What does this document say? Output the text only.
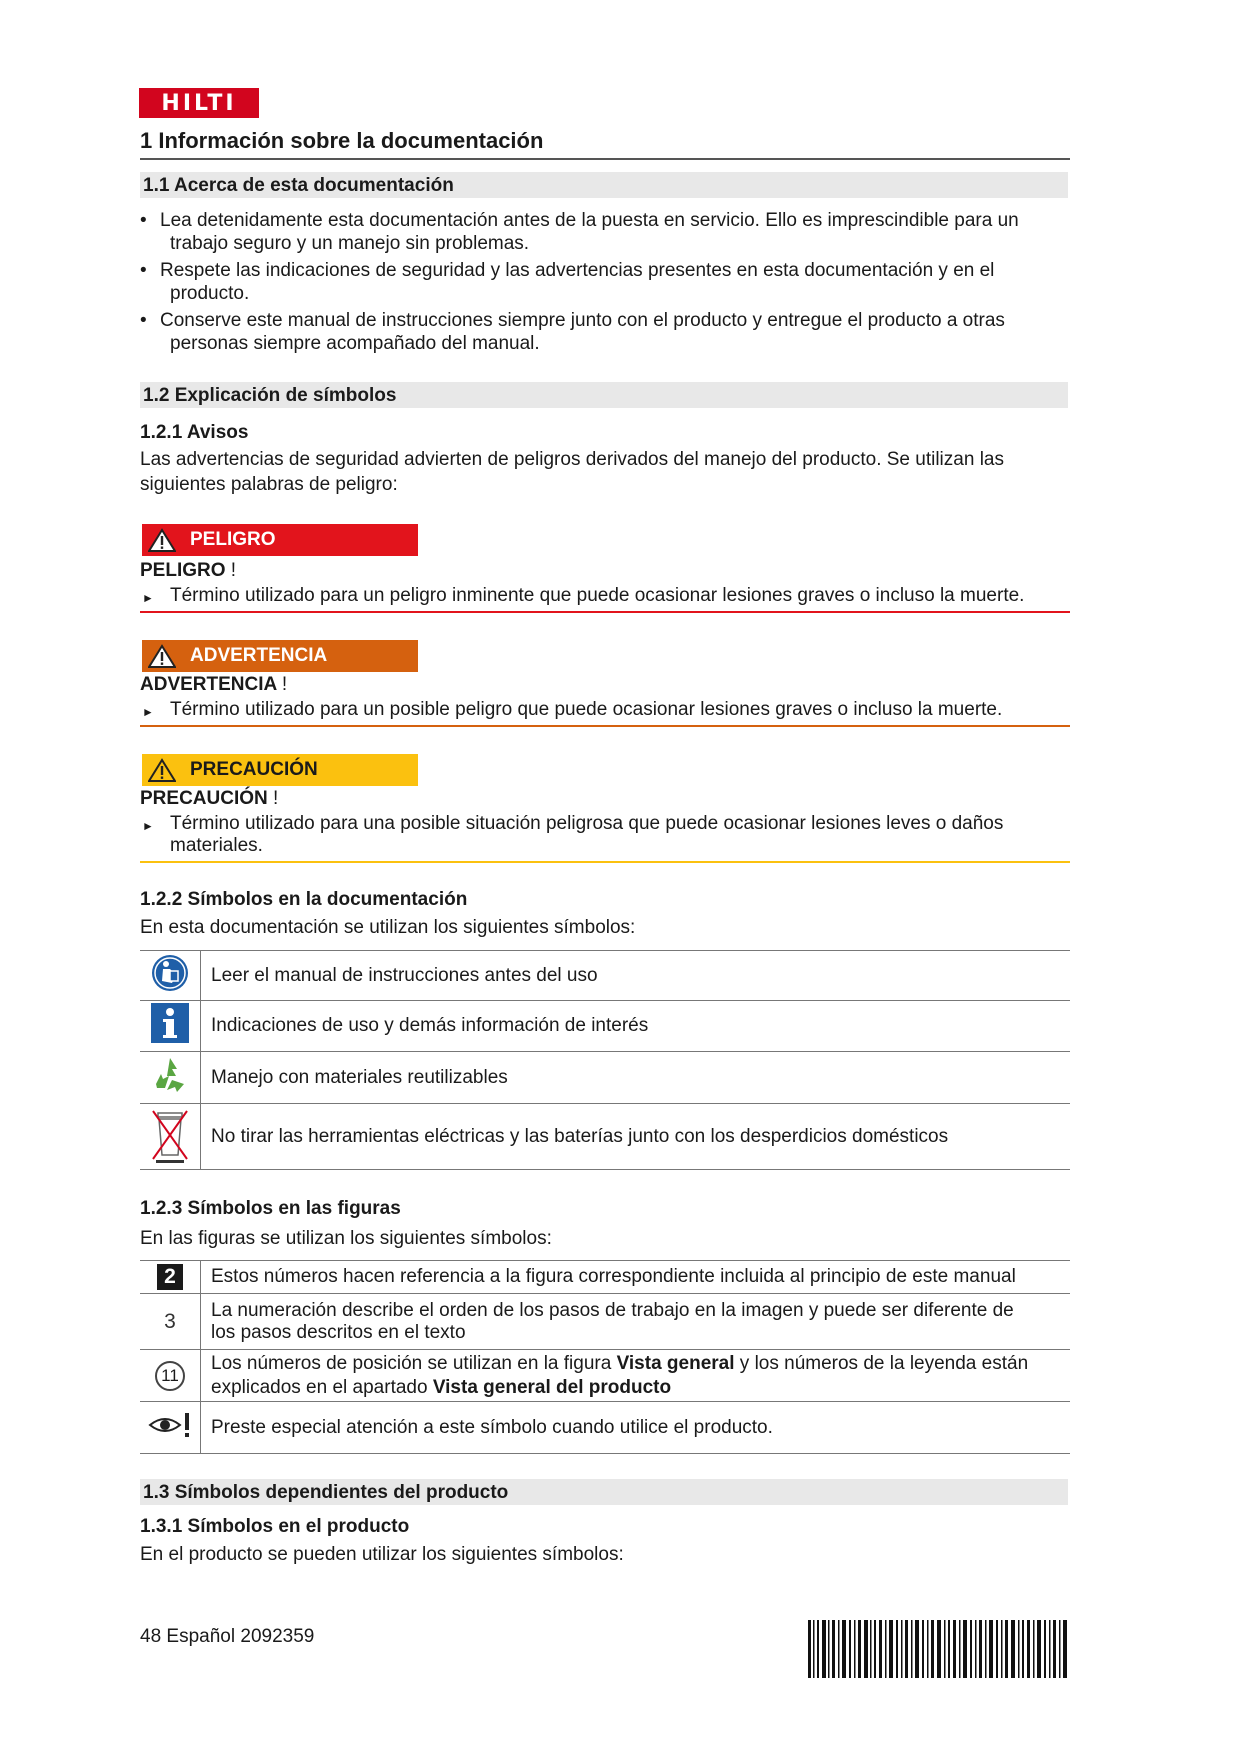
HILTI
1 Información sobre la documentación
1.1 Acerca de esta documentación
• Lea detenidamente esta documentación antes de la puesta en servicio. Ello es imprescindible para un
trabajo seguro y un manejo sin problemas.
• Respete las indicaciones de seguridad y las advertencias presentes en esta documentación y en el
producto.
• Conserve este manual de instrucciones siempre junto con el producto y entregue el producto a otras
personas siempre acompañado del manual.
1.2 Explicación de símbolos
1.2.1 Avisos
Las advertencias de seguridad advierten de peligros derivados del manejo del producto. Se utilizan las
siguientes palabras de peligro:
PELIGRO
PELIGRO !
► Término utilizado para un peligro inminente que puede ocasionar lesiones graves o incluso la muerte.
ADVERTENCIA
ADVERTENCIA !
► Término utilizado para un posible peligro que puede ocasionar lesiones graves o incluso la muerte.
PRECAUCIÓN
PRECAUCIÓN !
► Término utilizado para una posible situación peligrosa que puede ocasionar lesiones leves o daños
materiales.
1.2.2 Símbolos en la documentación
En esta documentación se utilizan los siguientes símbolos:
	Leer el manual de instrucciones antes del uso
	Indicaciones de uso y demás información de interés
	Manejo con materiales reutilizables
	No tirar las herramientas eléctricas y las baterías junto con los desperdicios domésticos
1.2.3 Símbolos en las figuras
En las figuras se utilizan los siguientes símbolos:
2	Estos números hacen referencia a la figura correspondiente incluida al principio de este manual
3	La numeración describe el orden de los pasos de trabajo en la imagen y puede ser diferente de
los pasos descritos en el texto

11	Los números de posición se utilizan en la figura Vista general y los números de la leyenda están
explicados en el apartado Vista general del producto

	Preste especial atención a este símbolo cuando utilice el producto.
1.3 Símbolos dependientes del producto
1.3.1 Símbolos en el producto
En el producto se pueden utilizar los siguientes símbolos:
48 Español 2092359
